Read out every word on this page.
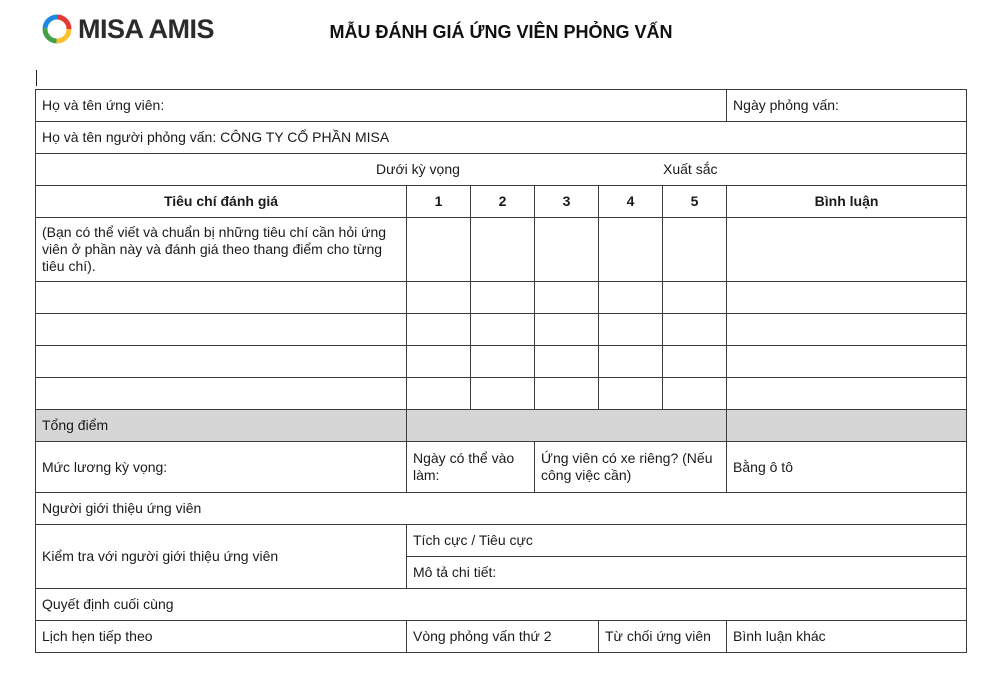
MISA AMIS	MẪU ĐÁNH GIÁ ỨNG VIÊN PHỎNG VẤN
Họ và tên ứng viên:						Ngày phỏng vấn:
Họ và tên người phỏng vấn: CÔNG TY CỔ PHẦN MISA						

Dưới kỳ vọng Xuất sắc						

Tiêu chí đánh giá	1	2	3	4	5	Bình luận
(Bạn có thể viết và chuẩn bị những tiêu chí cần hỏi ứng viên ở phần này và đánh giá theo thang điểm cho từng tiêu chí).						

Tổng điểm						
Mức lương kỳ vọng:	Ngày có thể vào làm:		Ứng viên có xe riêng? (Nếu công việc cần)			Bằng ô tô
Người giới thiệu ứng viên						
Kiểm tra với người giới thiệu ứng viên	Tích cực / Tiêu cực					
	Mô tả chi tiết:					
Quyết định cuối cùng						
Lịch hẹn tiếp theo	Vòng phỏng vấn thứ 2			Từ chối ứng viên		Bình luận khác
